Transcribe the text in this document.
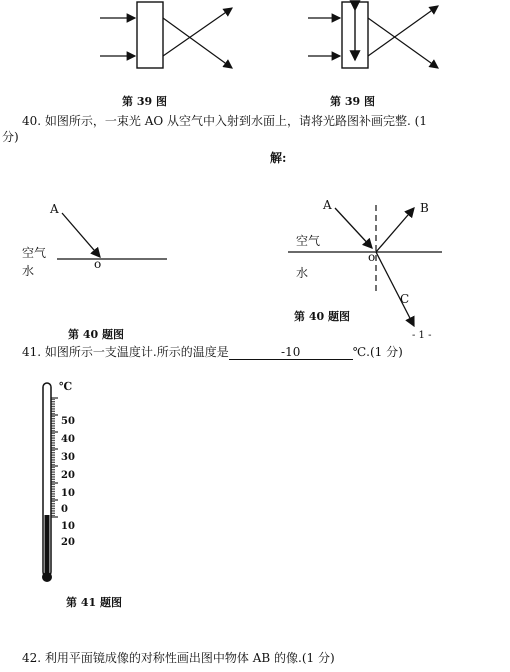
第 39 图	第 39 图
40. 如图所示，一束光 AO 从空气中入射到水面上，请将光路图补画完整. (1
分)
解:
A
空气
水	o
第 40 题图
A	B
C
空气
水
o
第 40 题图
- 1 -
41. 如图所示一支温度计.所示的温度是	-10	℃.(1 分)
℃
50
40
30
20
10
0
10
20
第 41 题图
42. 利用平面镜成像的对称性画出图中物体 AB 的像.(1 分)
